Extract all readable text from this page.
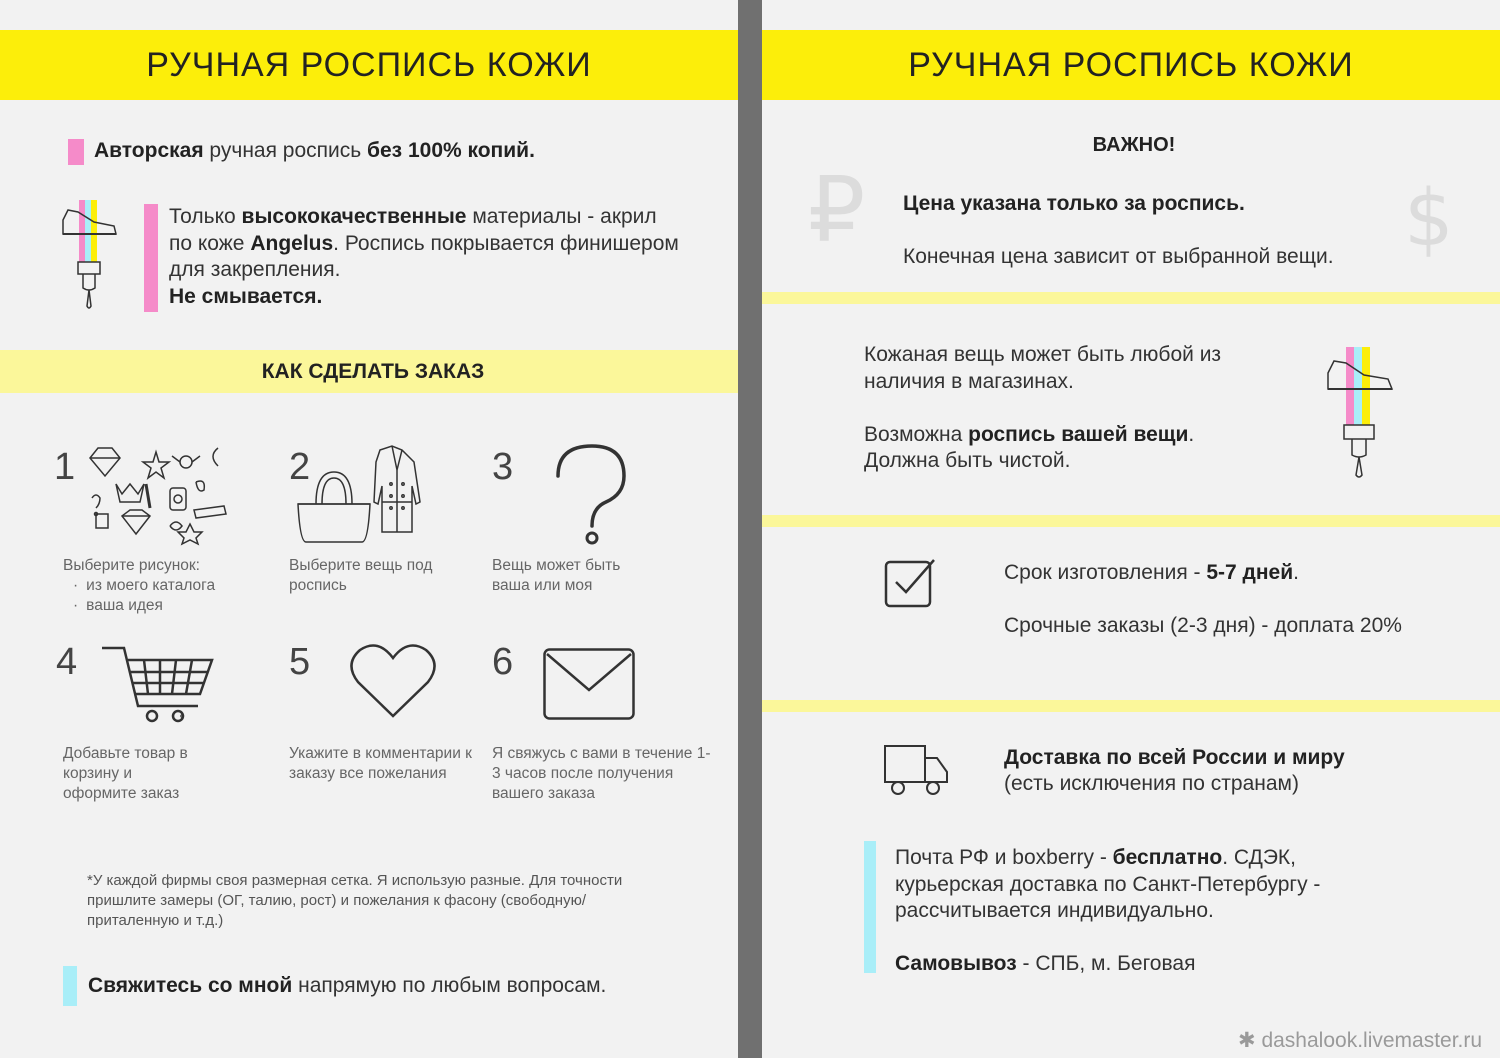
РУЧНАЯ РОСПИСЬ КОЖИ
Авторская ручная роспись без 100% копий.
Только высококачественные материалы - акрил по коже Angelus. Роспись покрывается финишером для закрепления.
Не смывается.
КАК СДЕЛАТЬ ЗАКАЗ
1
Выберите рисунок:
· из моего каталога
· ваша идея
2
Выберите вещь под роспись
3
Вещь может быть ваша или моя
4
Добавьте товар в корзину и оформите заказ
5
Укажите в комментарии к заказу все пожелания
6
Я свяжусь с вами в течение 1-3 часов после получения вашего заказа
*У каждой фирмы своя размерная сетка. Я использую разные. Для точности пришлите замеры (ОГ, талию, рост) и пожелания к фасону (свободную/приталенную и т.д.)
Свяжитесь со мной напрямую по любым вопросам.
РУЧНАЯ РОСПИСЬ КОЖИ
ВАЖНО!
₽	$
Цена указана только за роспись.
Конечная цена зависит от выбранной вещи.
Кожаная вещь может быть любой из наличия в магазинах.

Возможна роспись вашей вещи.
Должна быть чистой.
Срок изготовления - 5-7 дней.
Срочные заказы (2-3 дня) - доплата 20%
Доставка по всей России и миру
(есть исключения по странам)
Почта РФ и boxberry - бесплатно. СДЭК, курьерская доставка по Санкт-Петербургу - рассчитывается индивидуально.

Самовывоз - СПБ, м. Беговая
✱ dashalook.livemaster.ru
